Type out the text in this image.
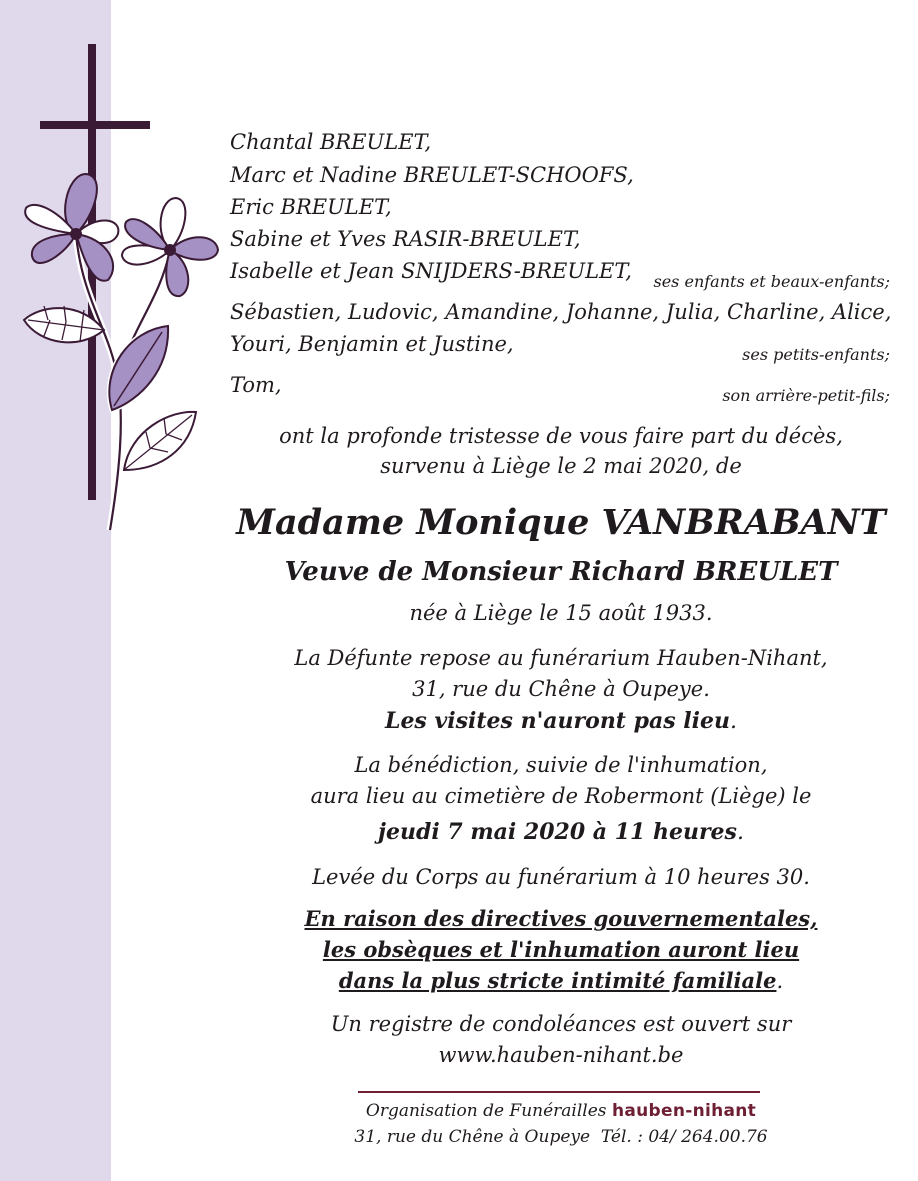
Chantal BREULET,

Marc et Nadine BREULET-SCHOOFS,

Eric BREULET,

Sabine et Yves RASIR-BREULET,

Isabelle et Jean SNIJDERS-BREULET, ses enfants et beaux-enfants;

Sébastien, Ludovic, Amandine, Johanne, Julia, Charline, Alice,

Youri, Benjamin et Justine,	ses petits-enfants;

Tom,	son arrière-petit-fils;

ont la profonde tristesse de vous faire part du décès,

survenu à Liège le 2 mai 2020, de

Madame Monique VANBRABANT

Veuve de Monsieur Richard BREULET

née à Liège le 15 août 1933.

La Défunte repose au funérarium Hauben-Nihant,

31, rue du Chêne à Oupeye.

Les visites n'auront pas lieu.

La bénédiction, suivie de l'inhumation,

aura lieu au cimetière de Robermont (Liège) le

jeudi 7 mai 2020 à 11 heures.

Levée du Corps au funérarium à 10 heures 30.

En raison des directives gouvernementales,

les obsèques et l'inhumation auront lieu

dans la plus stricte intimité familiale.

Un registre de condoléances est ouvert sur

www.hauben-nihant.be

Organisation de Funérailles hauben-nihant

31, rue du Chêne à Oupeye Tél. : 04/ 264.00.76
